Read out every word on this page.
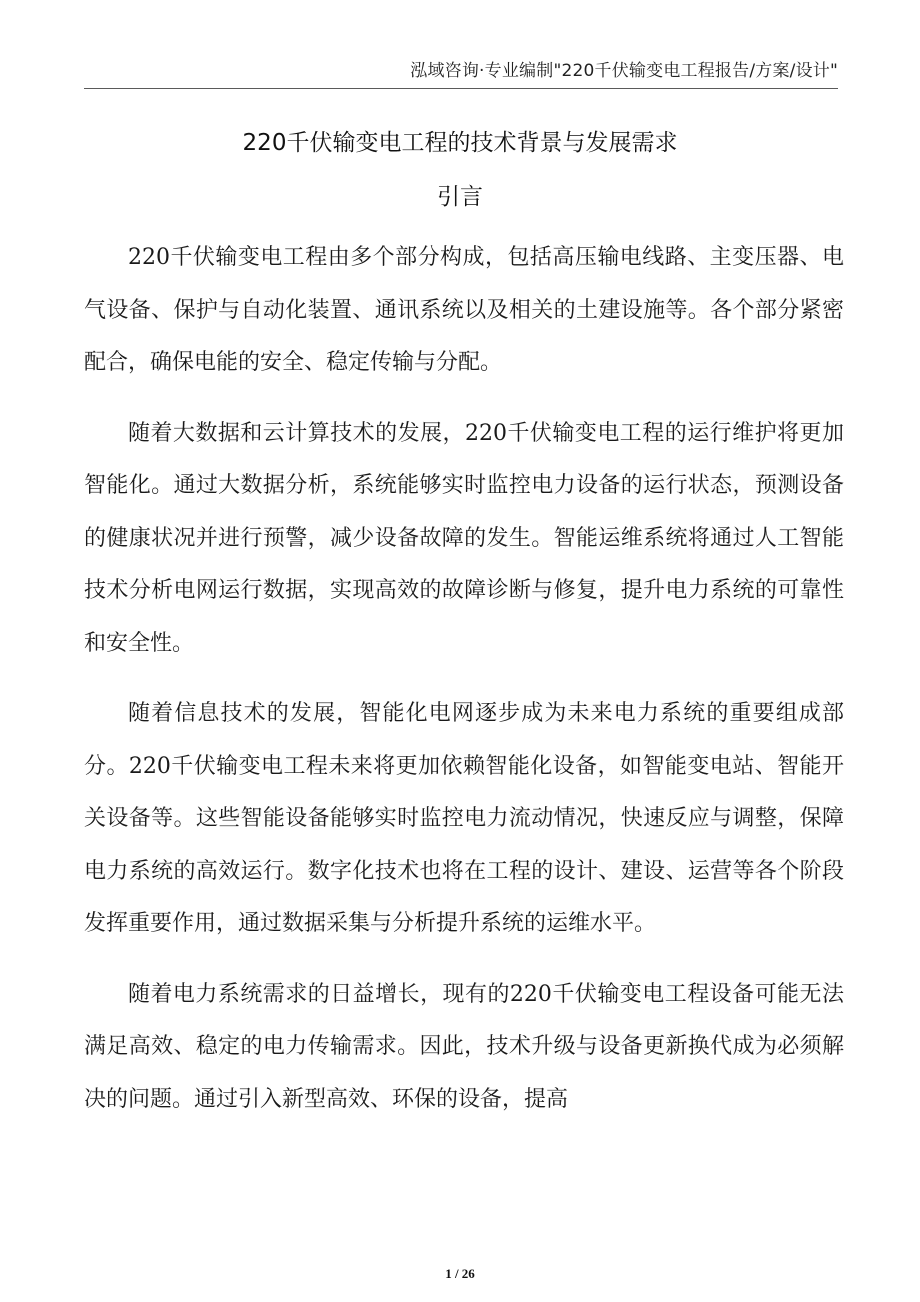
泓域咨询·专业编制"220千伏输变电工程报告/方案/设计"
220千伏输变电工程的技术背景与发展需求
引言

220千伏输变电工程由多个部分构成，包括高压输电线路、主变压器、电气设备、保护与自动化装置、通讯系统以及相关的土建设施等。各个部分紧密配合，确保电能的安全、稳定传输与分配。

随着大数据和云计算技术的发展，220千伏输变电工程的运行维护将更加智能化。通过大数据分析，系统能够实时监控电力设备的运行状态，预测设备的健康状况并进行预警，减少设备故障的发生。智能运维系统将通过人工智能技术分析电网运行数据，实现高效的故障诊断与修复，提升电力系统的可靠性和安全性。

随着信息技术的发展，智能化电网逐步成为未来电力系统的重要组成部分。220千伏输变电工程未来将更加依赖智能化设备，如智能变电站、智能开关设备等。这些智能设备能够实时监控电力流动情况，快速反应与调整，保障电力系统的高效运行。数字化技术也将在工程的设计、建设、运营等各个阶段发挥重要作用，通过数据采集与分析提升系统的运维水平。

随着电力系统需求的日益增长，现有的220千伏输变电工程设备可能无法满足高效、稳定的电力传输需求。因此，技术升级与设备更新换代成为必须解决的问题。通过引入新型高效、环保的设备，提高

1 / 26
